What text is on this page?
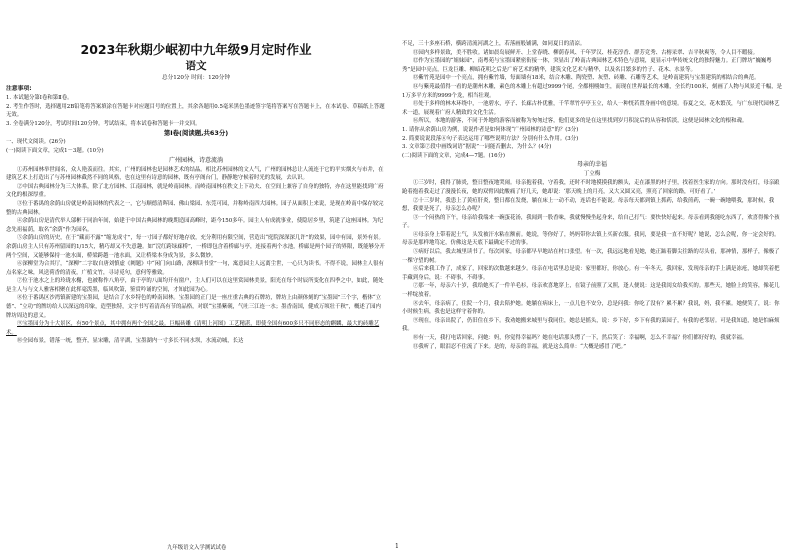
2023年秋期少岷初中九年级9月定时作业
语文
总分120分 时间：120分钟

注意事项:

1. 本试题分第Ⅰ卷和第Ⅱ卷。

2. 考生作答时，选择题用2B铅笔将答案填涂在答题卡对应题目号的位置上，其余各题用0.5毫米黑色墨迹签字笔将答案写在答题卡上，在本试卷、草稿纸上答题无效。

3. 全卷满分120分，考试时间120分钟。考试结束，将本试卷和答题卡一并交回。

第Ⅰ卷(阅读题,共63分)

一、现代文阅读。(26分)

(一)阅读下面文章，完成1－3题。(10分)

广州园林，诗意流淌

①苏州园林举世闻名，众人艳羡而往。其实，广州的园林也是园林艺术的结晶。相比苏州园林的文人气，广州的园林总让人流连于它的平实烟火与市井，在建筑艺术上打造出了与苏州园林截然不同的风格，也在这里有诗意的园林，既有亭阁台门，静静地守候着时光的发展，去认识。

②中国古典园林分为三大体系，除了北方园林、江南园林，就是岭南园林。而岭南园林在秩文上下功夫、在空间上兼容了自身的独特，亦在这里能找到广府文化的根深厚重。

③位于番禺的余荫山房就是岭南园林的代表之一，它与顺德清晖园、佛山梁园、东莞可园，并称岭南四大园林。园子从面积上来说，是现在岭南中保存较完整的古典园林。

④余荫山房是清代举人邬彬于同治年间，始建于中国古典园林的晚期造园高峰时，距今150多年。园主人有成就事业，使隐居乡里，筑建了这座园林。为纪念先祖福荫，取名“余荫”作为园名。

⑤余荫山房的历史，在于“藏而不露”“缩龙成寸”，每一寸园子都好好地存放，充分利用有限空间，营造出“庭院深深深几许”的效果，园中有园，景外有景。余荫山房主人只有苏州留园的1/15大，精巧却又不失意趣。如“浣红跨绿廊桥”，一桥即包含着桥廊与亭，连接着两个水池，桥廊是两个园子的界限，既能够分开两个空间，又能够保持一池水面，桥梁跨越一池水面，又让桥梁本身成为景，多么微妙。

⑥深柳堂为合其厅，“深柳”二字取自唐刘慎虚《阙题》中“闲门向山路，深柳读书堂”一句，寓意园主人远离尘世，一心只为读书。不得不说，园林主人很有点名家之味，风送荷香的清夜，广植文竹，寻诗觅句，意何等雅致。

⑦位于池水之上的玲珑水榭，也被称作八角亭，由于亭的八面均开有窗户，主人们可以在这里赏园林美景，阳光在每个时辰所变化在四季之中，如此，随处是主人与与文人雅客相聚在此挥毫泼墨，临风吹箫，鉴赏吟诵的空间，才知此园为心。

⑧位于番禺区沙湾镇新建的宝墨园，是结合了水乡特色的岭南园林。宝墨园的正门是一座庄重古典的石牌坊，牌坊上由颜体刻的“宝墨园”三个字，楷体“立德”、“立功”的牌坊给人以深远的印象，造型独特，文字书写着清高有节的品格，对联“宝墨紫砚，气吐三江连一水；墨香南国，健成万顷壮千秋”，概述了园内牌坊周边的意义。

⑨宝墨园分为十大景区，有50个景点，其中拥有两个全国之最。巨幅砖雕《清明上河图》工艺精湛，即使全国有600多只不同形态的麒麟，最大的砖雕艺术。

⑩全园布景，错落一统，整齐，显宋雕，清平湖，宝墨湖内一寸多长不同水坝，水流动城，长达

不足，三十多座石桥，横跨清流河湖之上，若落画般铺满，如同夏日的清凉。

⑪园内多样景致，美不胜收。诸如晨岛展鲜开、上堂春晓、柳荫春风、千年罗汉、桂花淳香、群芳竞秀、古榕采翠、吉平秋爽等，令人目不暇接。

⑫作为宝墨园的“姐妹园”，南粤苑与宝墨园紧密衔接一体，突显出了岭南古典园林艺术特色与意境，更显示中华传统文化的独特魅力。正门牌坊“巍巍粤秀”是园中亮点，巨龙巨雕、柳暗花明之后是广府艺术的精华，建筑文化艺术与精华，以及名目繁多的竹子、花木、水景等。

⑬紫竹苑是园中一个亮点，拥有紫竹墙，每面墙有18米，结合木雕、陶瓷塑、灰塑、砖雕、石雕等艺术，是岭南建筑与宝墨建筑的相结合的典范。

⑭与紫苑最值得一看的是潮州木雕，素色的木雕上有超过9999个尾，全都栩栩如生，而现在世界最长的木雕，全长约100米，刻画了人物与风景近千幅，是1万多平方米的9999个龙，相当壮观。

⑮处于多样的林木环绕中，一池碧水，亭子、长廊古朴优雅，千竿翠竹亭亭玉立，给人一种恍若置身画中的意境。春夏之交，花木繁茂，与广东现代园林艺术一道，展现着广府人精致的文化生活。

⑯所以，本地的游客，不同于外地的游客而被称为匆匆过客，他们更多的是在这里找到岁月积淀后的从容和恬淡，这便是园林文化的根和魂。

1. 请你从余荫山房为例，说说作者是如何体现“广州园林的诗意”的？(3分)

2. 简要说说段落⑥句子表达运用了哪些说明方法？分别有什么作用。(3分)

3. 文章第⑦段中画线词语“据说”一词能否删去，为什么？(4分)

(二)阅读下面的文章，完成4—7题。(16分)

母亲的幸福
丁立梅

①三岁时，我得了肺炎，整日整夜地哭闹。母亲抱着我，守着我，还时不时地摸摸我的额头，走在漆黑的村子里，找着医生家的方向。那时没有灯，母亲踉跄着抱着我走过了漫漫长夜，她的双臂因此酸痛了好几天，她却说：‘那天晚上的月亮，又大又圆又亮，照亮了回家的路，可好看了。’

②十三岁时，我患上了黄疸肝炎，整日都在发烧，躺在床上一动不动，连话也不能说。母亲每天都到镇上抓药，给我煎药，一碗一碗地喂我，那时候，我想，我要是死了，母亲怎么办呢？

③一个闷热的下午，母亲给我端来一碗蛋花汤，我闻到一股香味，我就慢慢坐起身来，给自己打气：要快快好起来。母亲看到我能吃东西了，欢喜得像个孩子。

④母亲身上带着泥土气，头发被汗水粘在额前。她说，等你好了，妈妈带你去镇上买新衣服。我问，要是我一直不好呢？她说，怎么会呢，你一定会好的。母亲是那样地笃定，仿佛这是天底下最确定不过的事。

⑤病好以后，我去城里读书了。每次回家，母亲都早早地站在村口张望。有一次，我远远地看见她，她正踮着脚尖往路的尽头看，那神情，那样子，像极了一棵守望的树。

⑥后来我工作了，成家了，回家的次数越来越少。母亲在电话里总是说：家里都好，你放心。有一年冬天，我回家，发现母亲的手上满是冻疮，她却笑着把手藏到身后，说：不碍事，不碍事。

⑦那一年，母亲六十岁，我给她买了一件羊毛衫，母亲欢喜地穿上，在镜子前照了又照，逢人便说：这是我闺女给我买的。那些天，她脸上的笑容，像花儿一样绽放着。

⑧去年，母亲病了，住院一个月，我去陪护她。她躺在病床上，一点儿也不安分，总是问我：你吃了没有？累不累？我说，妈，我不累。她便笑了，说：你小时候生病，我也是这样守着你的。

⑨现在，母亲出院了，仍旧住在乡下。我劝她搬来城里与我同住，她总是摇头，说：乡下好，乡下有我的菜园子，有我的老邻居。可是我知道，她是怕麻烦我。

⑩有一天，我打电话回家，问她：妈，你觉得幸福吗？她在电话那头愣了一下，然后笑了：幸福啊，怎么不幸福？你们都好好的，我就幸福。

⑪我听了，眼泪忍不住流了下来。是的，母亲的幸福，就是这么简单：“大概是感冒了吧。”

九年级语文入学测试试卷	1
